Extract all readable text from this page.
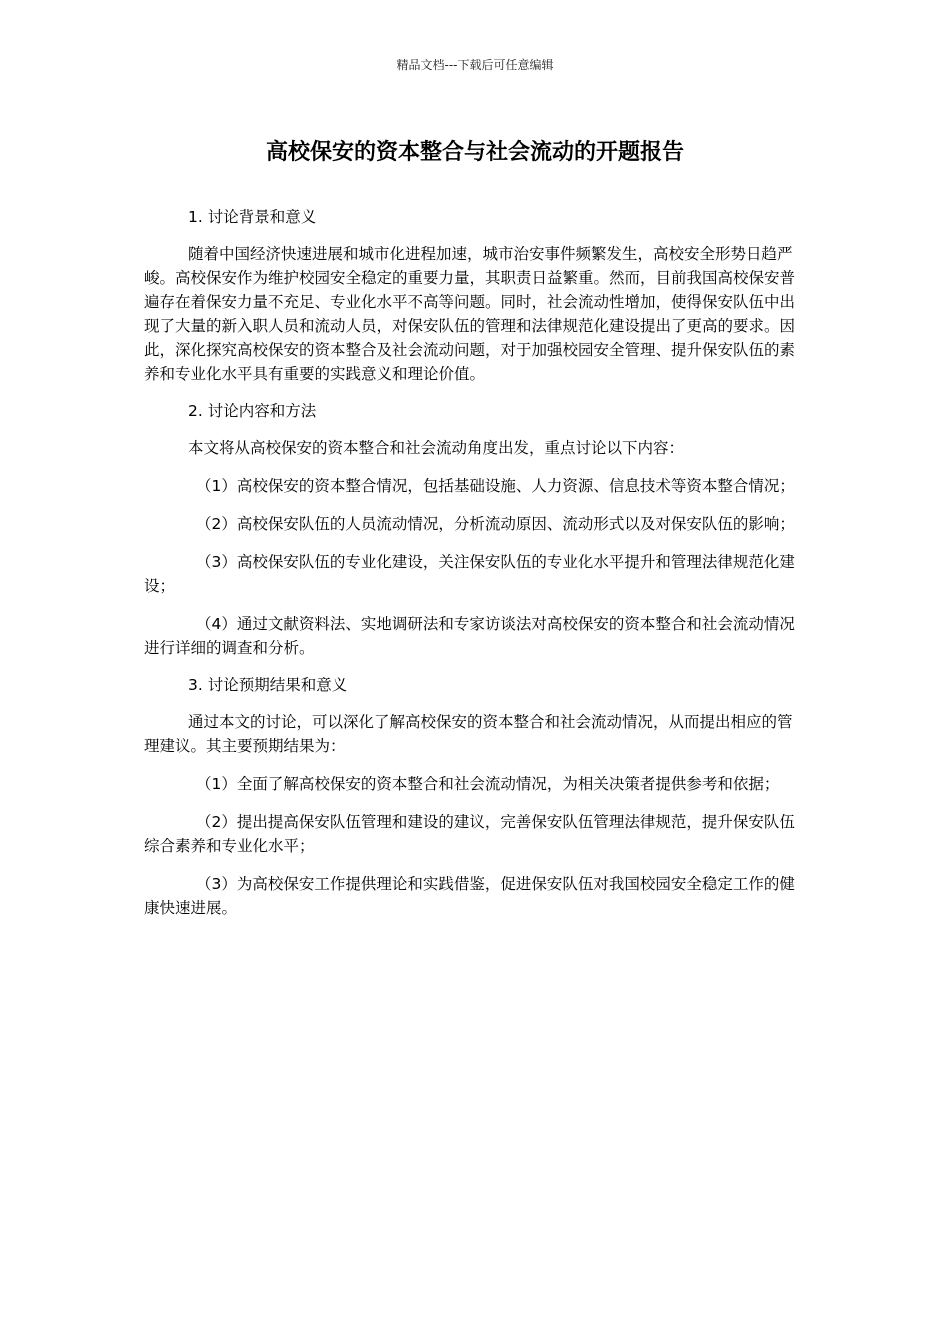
精品文档---下载后可任意编辑
高校保安的资本整合与社会流动的开题报告

1. 讨论背景和意义

随着中国经济快速进展和城市化进程加速，城市治安事件频繁发生，高校安全形势日趋严峻。高校保安作为维护校园安全稳定的重要力量，其职责日益繁重。然而，目前我国高校保安普遍存在着保安力量不充足、专业化水平不高等问题。同时，社会流动性增加，使得保安队伍中出现了大量的新入职人员和流动人员，对保安队伍的管理和法律规范化建设提出了更高的要求。因此，深化探究高校保安的资本整合及社会流动问题，对于加强校园安全管理、提升保安队伍的素养和专业化水平具有重要的实践意义和理论价值。

2. 讨论内容和方法

本文将从高校保安的资本整合和社会流动角度出发，重点讨论以下内容：

（1）高校保安的资本整合情况，包括基础设施、人力资源、信息技术等资本整合情况；

（2）高校保安队伍的人员流动情况，分析流动原因、流动形式以及对保安队伍的影响；

（3）高校保安队伍的专业化建设，关注保安队伍的专业化水平提升和管理法律规范化建设；

（4）通过文献资料法、实地调研法和专家访谈法对高校保安的资本整合和社会流动情况进行详细的调查和分析。

3. 讨论预期结果和意义

通过本文的讨论，可以深化了解高校保安的资本整合和社会流动情况，从而提出相应的管理建议。其主要预期结果为：

（1）全面了解高校保安的资本整合和社会流动情况，为相关决策者提供参考和依据；

（2）提出提高保安队伍管理和建设的建议，完善保安队伍管理法律规范，提升保安队伍综合素养和专业化水平；

（3）为高校保安工作提供理论和实践借鉴，促进保安队伍对我国校园安全稳定工作的健康快速进展。
